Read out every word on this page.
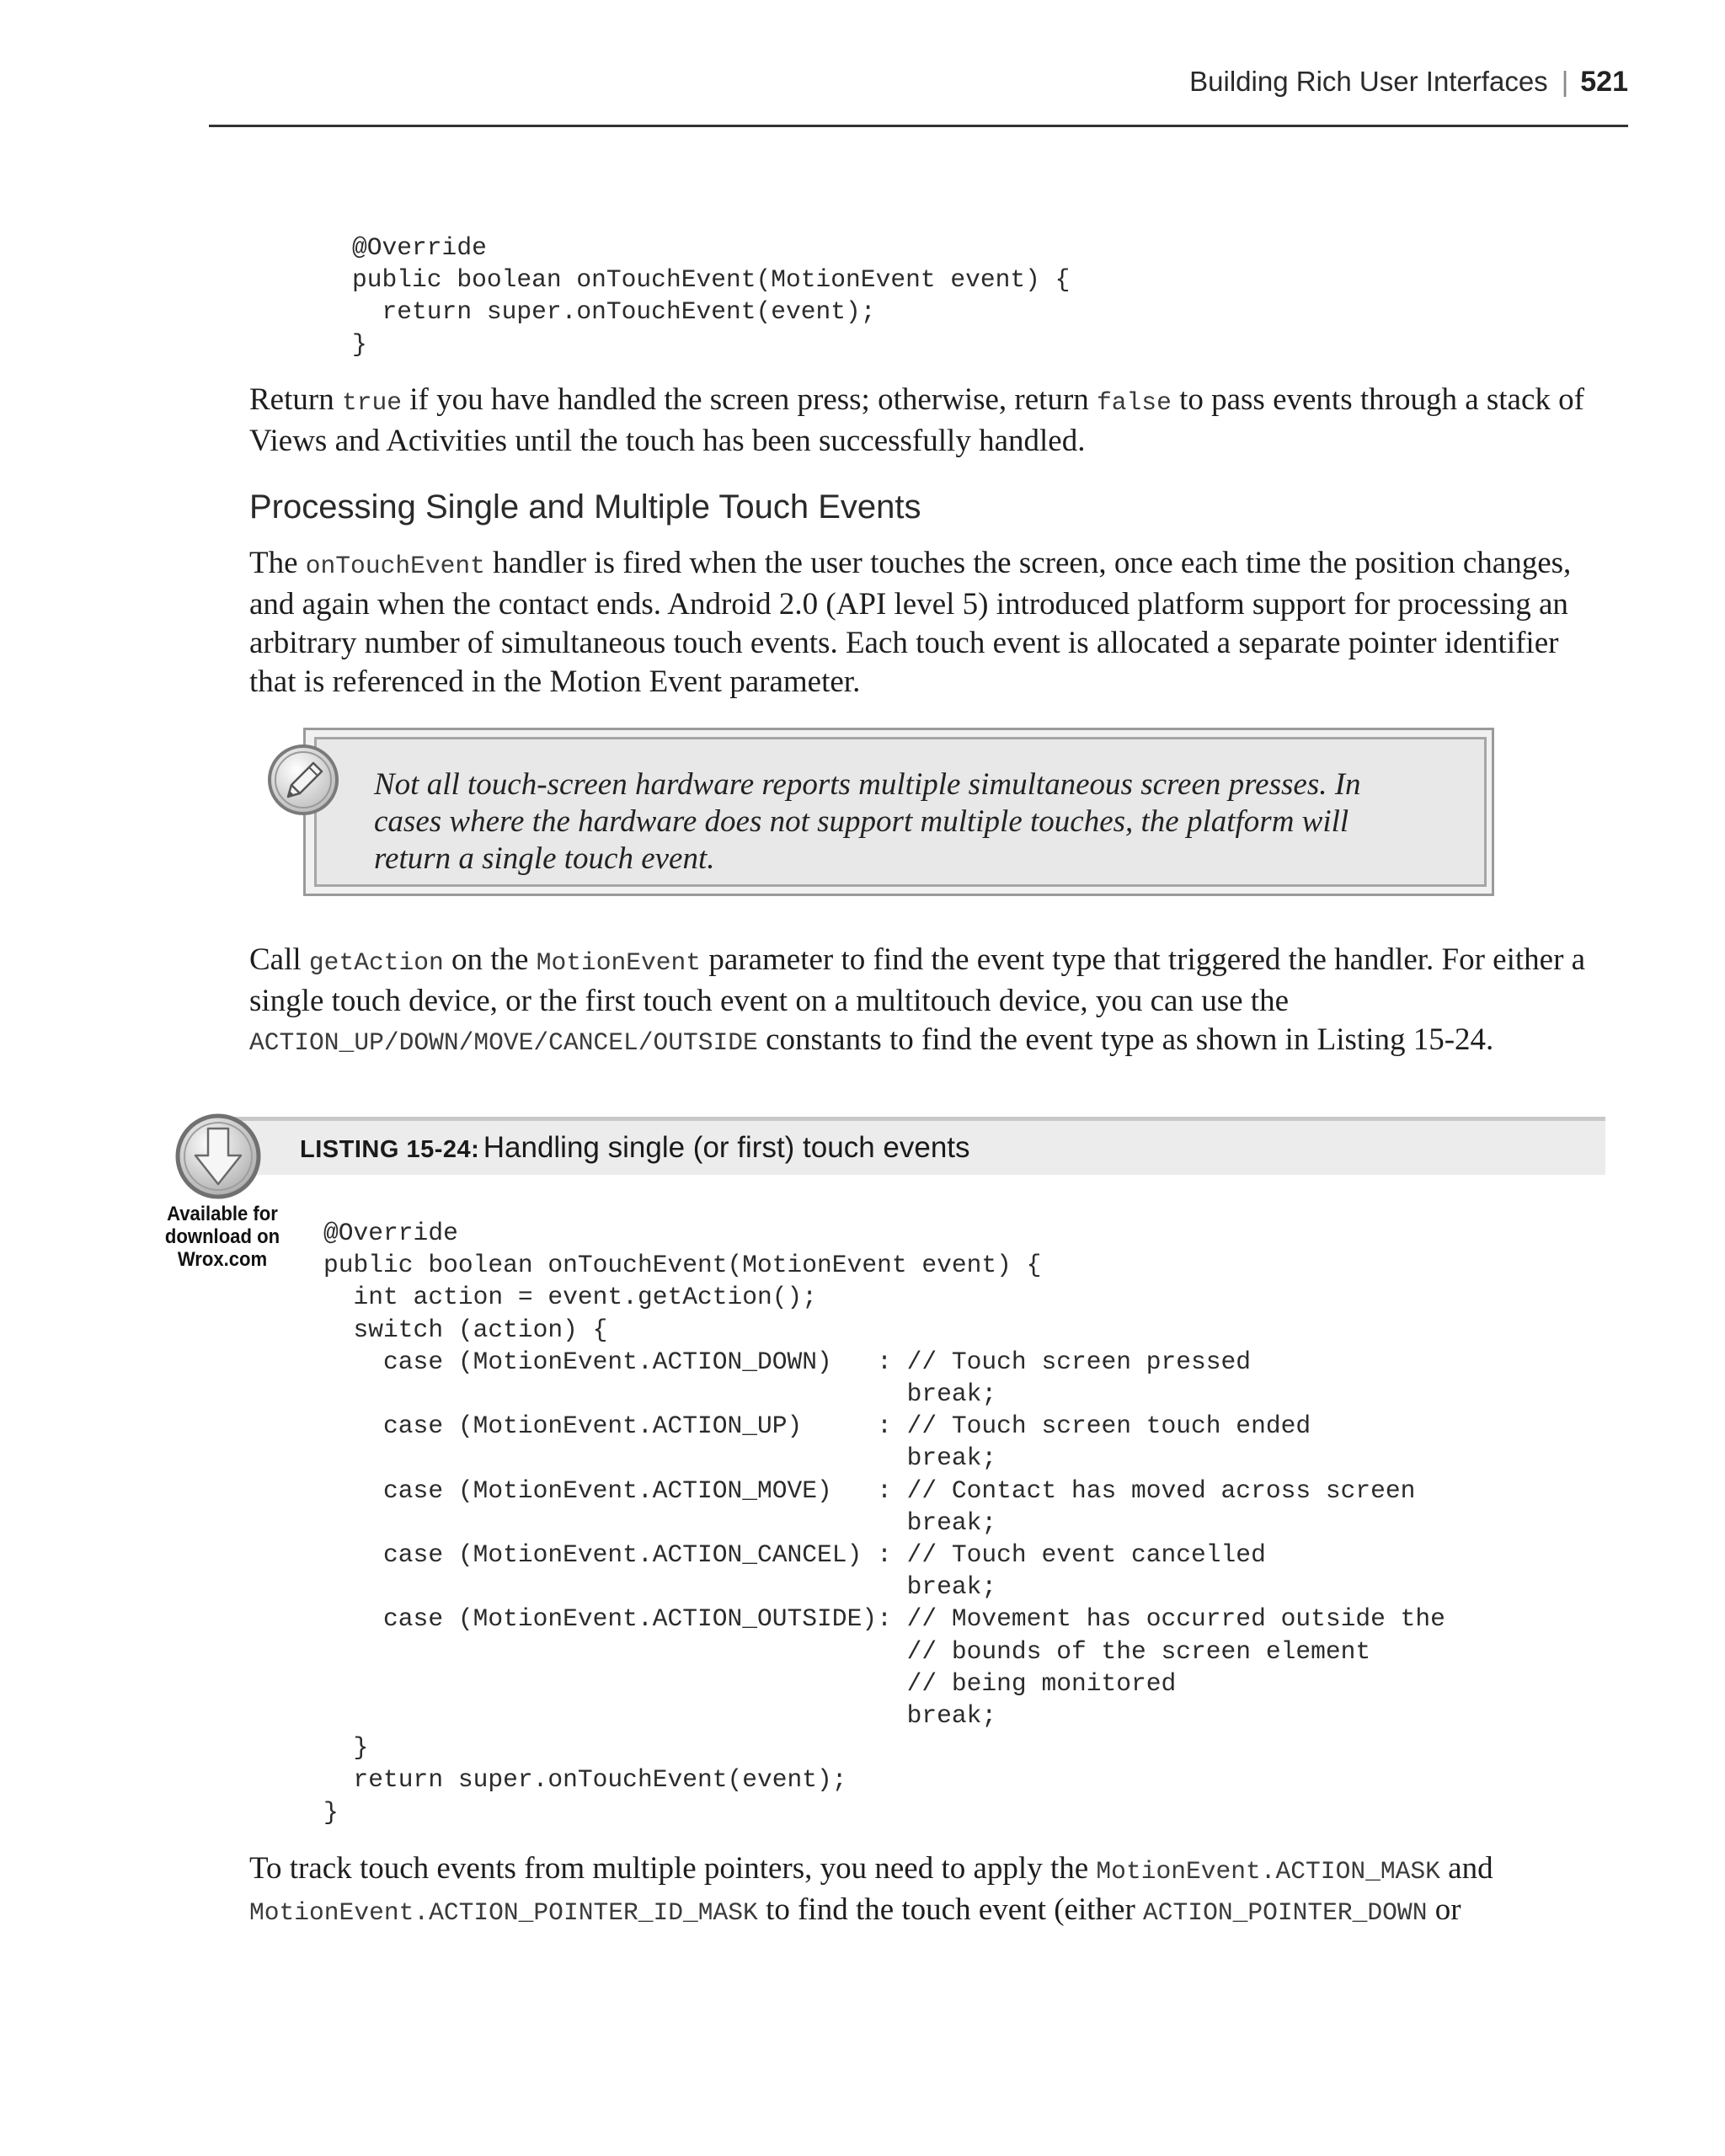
Building Rich User Interfaces | 521
@Override
public boolean onTouchEvent(MotionEvent event) {
return super.onTouchEvent(event);
}

Return true if you have handled the screen press; otherwise, return false to pass events through a stack of Views and Activities until the touch has been successfully handled.

Processing Single and Multiple Touch Events

The onTouchEvent handler is fired when the user touches the screen, once each time the position changes, and again when the contact ends. Android 2.0 (API level 5) introduced platform support for processing an arbitrary number of simultaneous touch events. Each touch event is allocated a separate pointer identifier that is referenced in the Motion Event parameter.

Not all touch-screen hardware reports multiple simultaneous screen presses. In cases where the hardware does not support multiple touches, the platform will return a single touch event.

Call getAction on the MotionEvent parameter to find the event type that triggered the handler. For either a single touch device, or the first touch event on a multitouch device, you can use the ACTION_UP/DOWN/MOVE/CANCEL/OUTSIDE constants to find the event type as shown in Listing 15-24.

LISTING 15-24: Handling single (or first) touch events
Available for download on Wrox.com
@Override
public boolean onTouchEvent(MotionEvent event) {
int action = event.getAction();
switch (action) {
case (MotionEvent.ACTION_DOWN)   : // Touch screen pressed
break;
case (MotionEvent.ACTION_UP)     : // Touch screen touch ended
break;
case (MotionEvent.ACTION_MOVE)   : // Contact has moved across screen
break;
case (MotionEvent.ACTION_CANCEL) : // Touch event cancelled
break;
case (MotionEvent.ACTION_OUTSIDE): // Movement has occurred outside the
// bounds of the screen element
// being monitored
break;
}
return super.onTouchEvent(event);
}

To track touch events from multiple pointers, you need to apply the MotionEvent.ACTION_MASK and MotionEvent.ACTION_POINTER_ID_MASK to find the touch event (either ACTION_POINTER_DOWN or
